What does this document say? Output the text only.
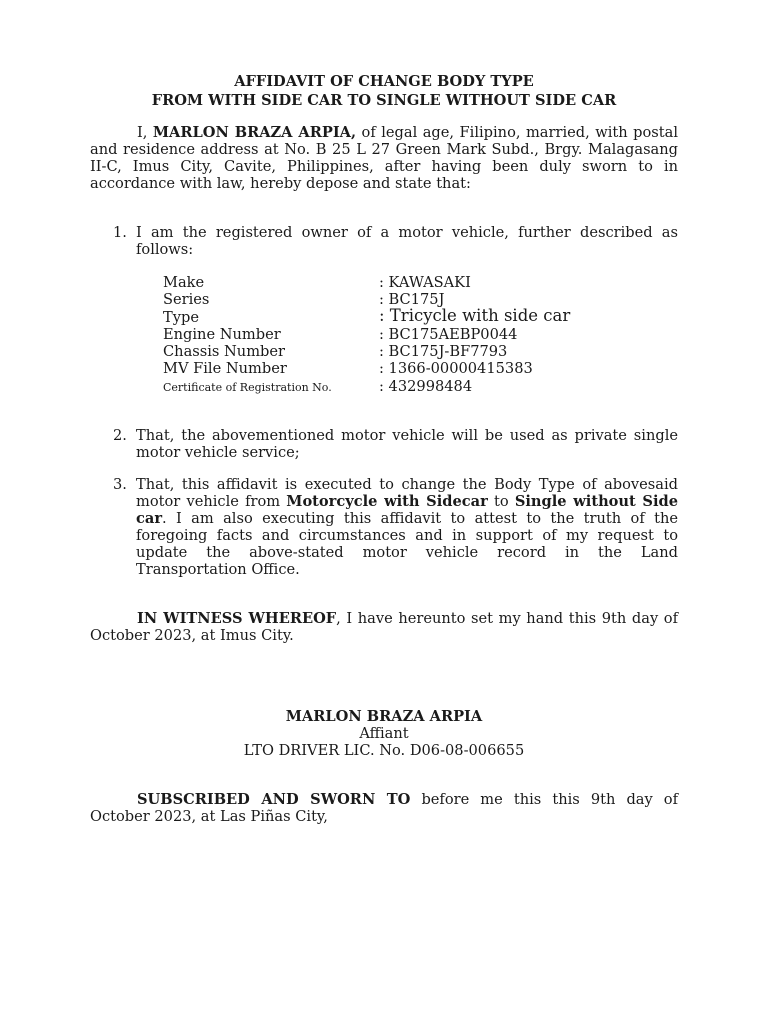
AFFIDAVIT OF CHANGE BODY TYPE
FROM WITH SIDE CAR TO SINGLE WITHOUT SIDE CAR
I, MARLON BRAZA ARPIA, of legal age, Filipino, married, with postal and residence address at No. B 25 L 27 Green Mark Subd., Brgy. Malagasang II-C, Imus City, Cavite, Philippines, after having been duly sworn to in accordance with law, hereby depose and state that:
1. I am the registered owner of a motor vehicle, further described as follows:
Make	: KAWASAKI
Series	: BC175J
Type	: Tricycle with side car
Engine Number	: BC175AEBP0044
Chassis Number	: BC175J-BF7793
MV File Number	: 1366-00000415383
Certificate of Registration No.	: 432998484
2. That, the abovementioned motor vehicle will be used as private single motor vehicle service;
3. That, this affidavit is executed to change the Body Type of abovesaid motor vehicle from Motorcycle with Sidecar to Single without Side car. I am also executing this affidavit to attest to the truth of the foregoing facts and circumstances and in support of my request to update the above-stated motor vehicle record in the Land Transportation Office.
IN WITNESS WHEREOF, I have hereunto set my hand this 9th day of October 2023, at Imus City.
MARLON BRAZA ARPIA
Affiant
LTO DRIVER LIC. No. D06-08-006655
SUBSCRIBED AND SWORN TO before me this this 9th day of October 2023, at Las Piñas City,
